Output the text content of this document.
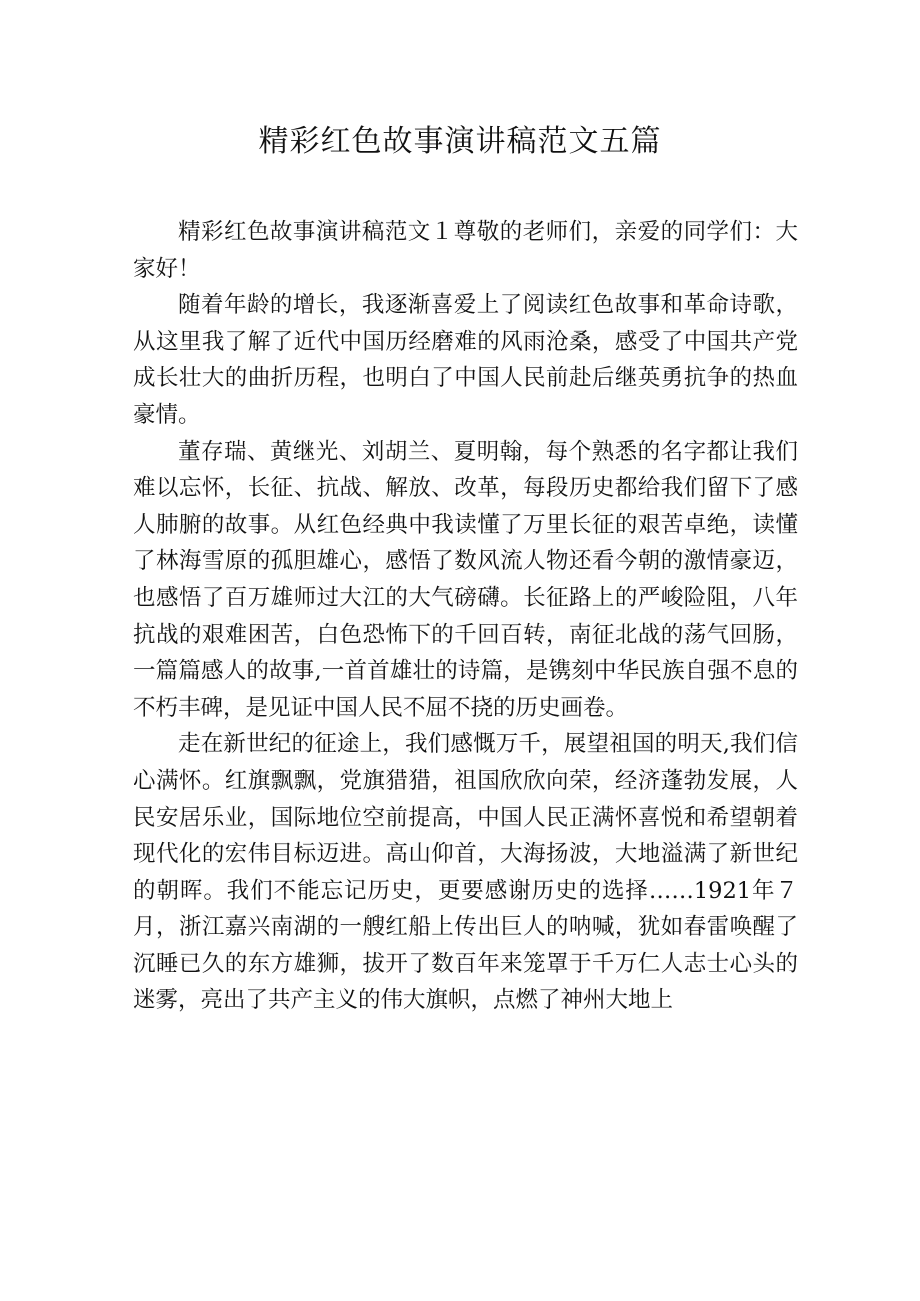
精彩红色故事演讲稿范文五篇

精彩红色故事演讲稿范文１尊敬的老师们，亲爱的同学们：大家好！

随着年龄的增长，我逐渐喜爱上了阅读红色故事和革命诗歌，从这里我了解了近代中国历经磨难的风雨沧桑，感受了中国共产党成长壮大的曲折历程，也明白了中国人民前赴后继英勇抗争的热血豪情。

董存瑞、黄继光、刘胡兰、夏明翰，每个熟悉的名字都让我们难以忘怀，长征、抗战、解放、改革，每段历史都给我们留下了感人肺腑的故事。从红色经典中我读懂了万里长征的艰苦卓绝，读懂了林海雪原的孤胆雄心，感悟了数风流人物还看今朝的激情豪迈，也感悟了百万雄师过大江的大气磅礴。长征路上的严峻险阻，八年抗战的艰难困苦，白色恐怖下的千回百转，南征北战的荡气回肠，一篇篇感人的故事,一首首雄壮的诗篇，是镌刻中华民族自强不息的不朽丰碑，是见证中国人民不屈不挠的历史画卷。

走在新世纪的征途上，我们感慨万千，展望祖国的明天,我们信心满怀。红旗飘飘，党旗猎猎，祖国欣欣向荣，经济蓬勃发展，人民安居乐业，国际地位空前提高，中国人民正满怀喜悦和希望朝着现代化的宏伟目标迈进。高山仰首，大海扬波，大地溢满了新世纪的朝晖。我们不能忘记历史，更要感谢历史的选择……1921年７月，浙江嘉兴南湖的一艘红船上传出巨人的呐喊，犹如春雷唤醒了沉睡已久的东方雄狮，拔开了数百年来笼罩于千万仁人志士心头的迷雾，亮出了共产主义的伟大旗帜，点燃了神州大地上
